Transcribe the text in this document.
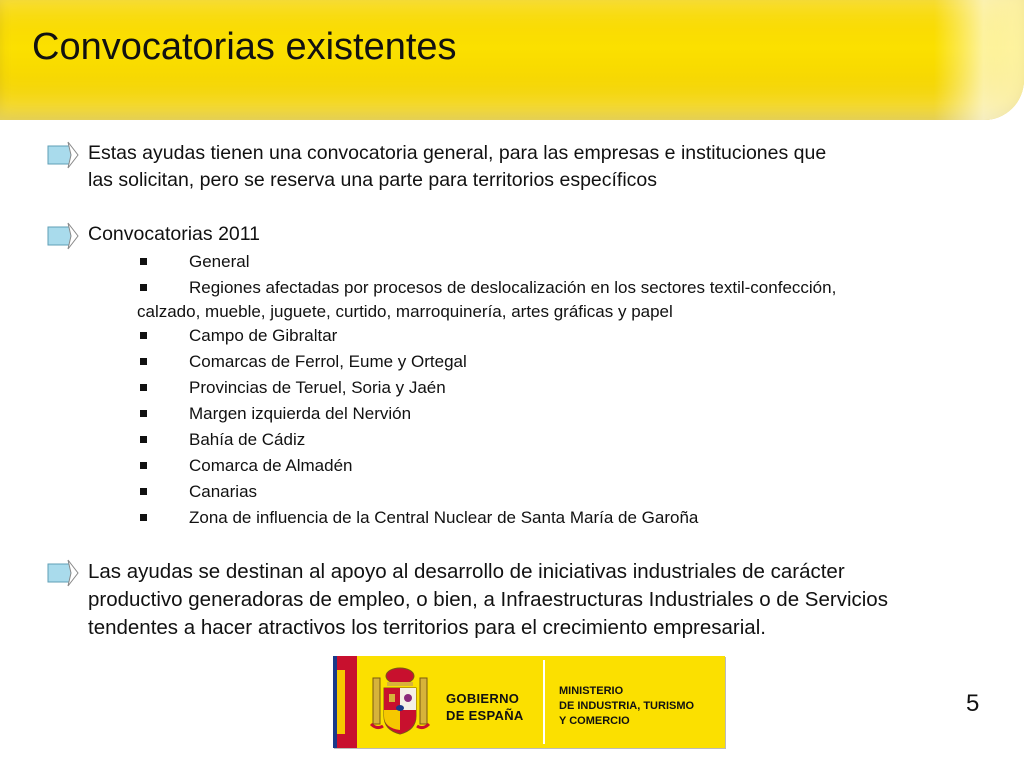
Convocatorias existentes
Estas ayudas tienen una convocatoria general, para las empresas e instituciones que
las solicitan, pero se reserva una parte para territorios específicos
Convocatorias 2011
General
Regiones afectadas por procesos de deslocalización en los sectores textil-confección,
calzado, mueble, juguete, curtido, marroquinería, artes gráficas y papel
Campo de Gibraltar
Comarcas de Ferrol, Eume y Ortegal
Provincias de Teruel, Soria y Jaén
Margen izquierda del Nervión
Bahía de Cádiz
Comarca de Almadén
Canarias
Zona de influencia de la Central Nuclear de Santa María de Garoña
Las ayudas se destinan al apoyo al desarrollo de iniciativas industriales de carácter
productivo generadoras de empleo, o bien, a Infraestructuras Industriales o de Servicios
tendentes a hacer atractivos los territorios para el crecimiento empresarial.
GOBIERNO
DE ESPAÑA
MINISTERIO
DE INDUSTRIA, TURISMO
Y COMERCIO
5
